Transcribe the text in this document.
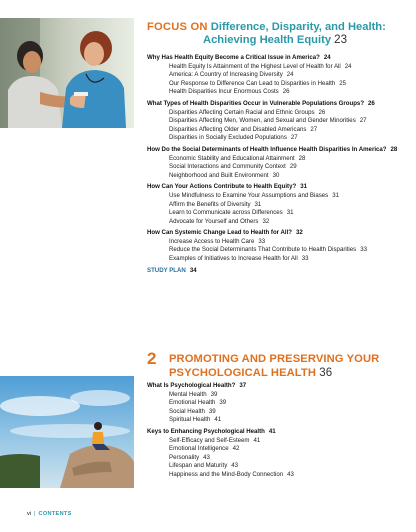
FOCUS ON Difference, Disparity, and Health:
Achieving Health Equity 23
Why Has Health Equity Become a Critical Issue in America? 24
Health Equity Is Attainment of the Highest Level of Health for All 24
America: A Country of Increasing Diversity 24
Our Response to Difference Can Lead to Disparities in Health 25
Health Disparities Incur Enormous Costs 26
What Types of Health Disparities Occur in Vulnerable Populations Groups? 26
Disparities Affecting Certain Racial and Ethnic Groups 26
Disparities Affecting Men, Women, and Sexual and Gender Minorities 27
Disparities Affecting Older and Disabled Americans 27
Disparities in Socially Excluded Populations 27
How Do the Social Determinants of Health Influence Health Disparities In America? 28
Economic Stability and Educational Attainment 28
Social Interactions and Community Context 29
Neighborhood and Built Environment 30
How Can Your Actions Contribute to Health Equity? 31
Use Mindfulness to Examine Your Assumptions and Biases 31
Affirm the Benefits of Diversity 31
Learn to Communicate across Differences 31
Advocate for Yourself and Others 32
How Can Systemic Change Lead to Health for All? 32
Increase Access to Health Care 33
Reduce the Social Determinants That Contribute to Health Disparities 33
Examples of Initiatives to Increase Health for All 33
STUDY PLAN 34
2 PROMOTING AND PRESERVING YOUR
PSYCHOLOGICAL HEALTH 36
What Is Psychological Health? 37
Mental Health 39
Emotional Health 39
Social Health 39
Spiritual Health 41
Keys to Enhancing Psychological Health 41
Self-Efficacy and Self-Esteem 41
Emotional Intelligence 42
Personality 43
Lifespan and Maturity 43
Happiness and the Mind-Body Connection 43
vi | CONTENTS
